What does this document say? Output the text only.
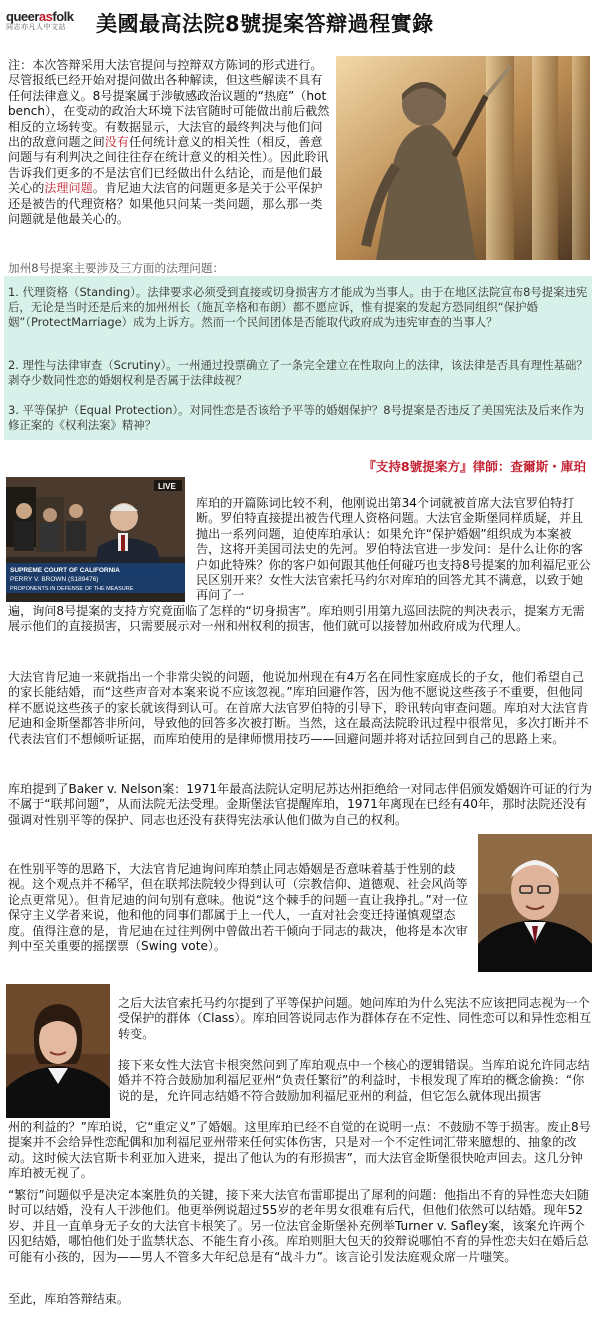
queerasfolk
同志亦凡人中文站	美國最高法院8號提案答辯過程實錄

注：本次答辩采用大法官提问与控辩双方陈词的形式进行。尽管报纸已经开始对提问做出各种解读，但这些解读不具有任何法律意义。8号提案属于涉敏感政治议题的“热庭”（hot bench），在变动的政治大环境下法官随时可能做出前后截然相反的立场转变。有数据显示，大法官的最终判决与他们问出的敌意问题之间没有任何统计意义的相关性（相反，善意问题与有利判决之间往往存在统计意义的相关性）。因此聆讯告诉我们更多的不是法官们已经做出什么结论，而是他们最关心的法理问题。肯尼迪大法官的问题更多是关于公平保护还是被告的代理资格？如果他只问某一类问题，那么那一类问题就是他最关心的。

加州8号提案主要涉及三方面的法理问题：

1. 代理资格（Standing）。法律要求必须受到直接或切身损害方才能成为当事人。由于在地区法院宣布8号提案违宪后，无论是当时还是后来的加州州长（施瓦辛格和布朗）都不愿应诉，惟有提案的发起方恐同组织“保护婚姻”（ProtectMarriage）成为上诉方。然而一个民间团体是否能取代政府成为违宪审查的当事人？

2. 理性与法律审查（Scrutiny）。一州通过投票确立了一条完全建立在性取向上的法律，该法律是否具有理性基础？剥夺少数同性恋的婚姻权利是否属于法律歧视？

3. 平等保护（Equal Protection）。对同性恋是否该给予平等的婚姻保护？8号提案是否违反了美国宪法及后来作为修正案的《权利法案》精神？

『支持8號提案方』律師：查爾斯・庫珀
LIVE
SUPREME COURT OF CALIFORNIA
PERRY V. BROWN (S189476)
PROPONENTS IN DEFENSE OF THE MEASURE

库珀的开篇陈词比较不利，他刚说出第34个词就被首席大法官罗伯特打断。罗伯特直接提出被告代理人资格问题。大法官金斯堡同样质疑，并且抛出一系列问题，迫使库珀承认：如果允许“保护婚姻”组织成为本案被告，这将开美国司法史的先河。罗伯特法官进一步发问：是什么让你的客户如此特殊？你的客户如何跟其他任何碰巧也支持8号提案的加利福尼亚公民区别开来？女性大法官索托马约尔对库珀的回答尤其不满意，以致于她再问了一

遍，询问8号提案的支持方究竟面临了怎样的“切身损害”。库珀则引用第九巡回法院的判决表示，提案方无需展示他们的直接损害，只需要展示对一州和州权利的损害，他们就可以接替加州政府成为代理人。

大法官肯尼迪一来就指出一个非常尖锐的问题，他说加州现在有4万名在同性家庭成长的子女，他们希望自己的家长能结婚，而“这些声音对本案来说不应该忽视。”库珀回避作答，因为他不愿说这些孩子不重要，但他同样不愿说这些孩子的家长就该得到认可。在首席大法官罗伯特的引导下，聆讯转向审查问题。库珀对大法官肯尼迪和金斯堡都答非所问，导致他的回答多次被打断。当然，这在最高法院聆讯过程中很常见，多次打断并不代表法官们不想倾听证据，而库珀使用的是律师惯用技巧——回避问题并将对话拉回到自己的思路上来。

库珀提到了Baker v. Nelson案：1971年最高法院认定明尼苏达州拒绝给一对同志伴侣颁发婚姻许可证的行为不属于“联邦问题”，从而法院无法受理。金斯堡法官提醒库珀，1971年离现在已经有40年，那时法院还没有强调对性别平等的保护、同志也还没有获得宪法承认他们做为自己的权利。

在性别平等的思路下，大法官肯尼迪询问库珀禁止同志婚姻是否意味着基于性别的歧视。这个观点并不稀罕，但在联邦法院较少得到认可（宗教信仰、道德观、社会风尚等论点更常见）。但肯尼迪的问句别有意味。他说“这个棘手的问题一直让我挣扎。”对一位保守主义学者来说，他和他的同事们都属于上一代人，一直对社会变迁持谨慎观望态度。值得注意的是，肯尼迪在过往判例中曾做出若干倾向于同志的裁决，他将是本次审判中至关重要的摇摆票（Swing vote）。

之后大法官索托马约尔提到了平等保护问题。她问库珀为什么宪法不应该把同志视为一个受保护的群体（Class）。库珀回答说同志作为群体存在不定性、同性恋可以和异性恋相互转变。

接下来女性大法官卡根突然问到了库珀观点中一个核心的逻辑错误。当库珀说允许同志结婚并不符合鼓励加利福尼亚州“负责任繁衍”的利益时，卡根发现了库珀的概念偷换：“你说的是，允许同志结婚不符合鼓励加利福尼亚州的利益，但它怎么就体现出损害

州的利益的？”库珀说，它“重定义”了婚姻。这里库珀已经不自觉的在说明一点：不鼓励不等于损害。废止8号提案并不会给异性恋配偶和加利福尼亚州带来任何实体伤害，只是对一个不定性词汇带来臆想的、抽象的改动。这时候大法官斯卡利亚加入进来，提出了他认为的有形损害”，而大法官金斯堡很快呛声回去。这几分钟库珀被无视了。

“繁衍”问题似乎是决定本案胜负的关键，接下来大法官布雷耶提出了犀利的问题：他指出不育的异性恋夫妇随时可以结婚，没有人干涉他们。他更举例说超过55岁的老年男女很难有后代，但他们依然可以结婚。现年52岁、并且一直单身无子女的大法官卡根笑了。另一位法官金斯堡补充例举Turner v. Safley案，该案允许两个囚犯结婚，哪怕他们处于监禁状态、不能生育小孩。库珀则胆大包天的狡辩说哪怕不育的异性恋夫妇在婚后总可能有小孩的，因为——男人不管多大年纪总是有“战斗力”。该言论引发法庭观众席一片嗤笑。

至此，库珀答辩结束。
